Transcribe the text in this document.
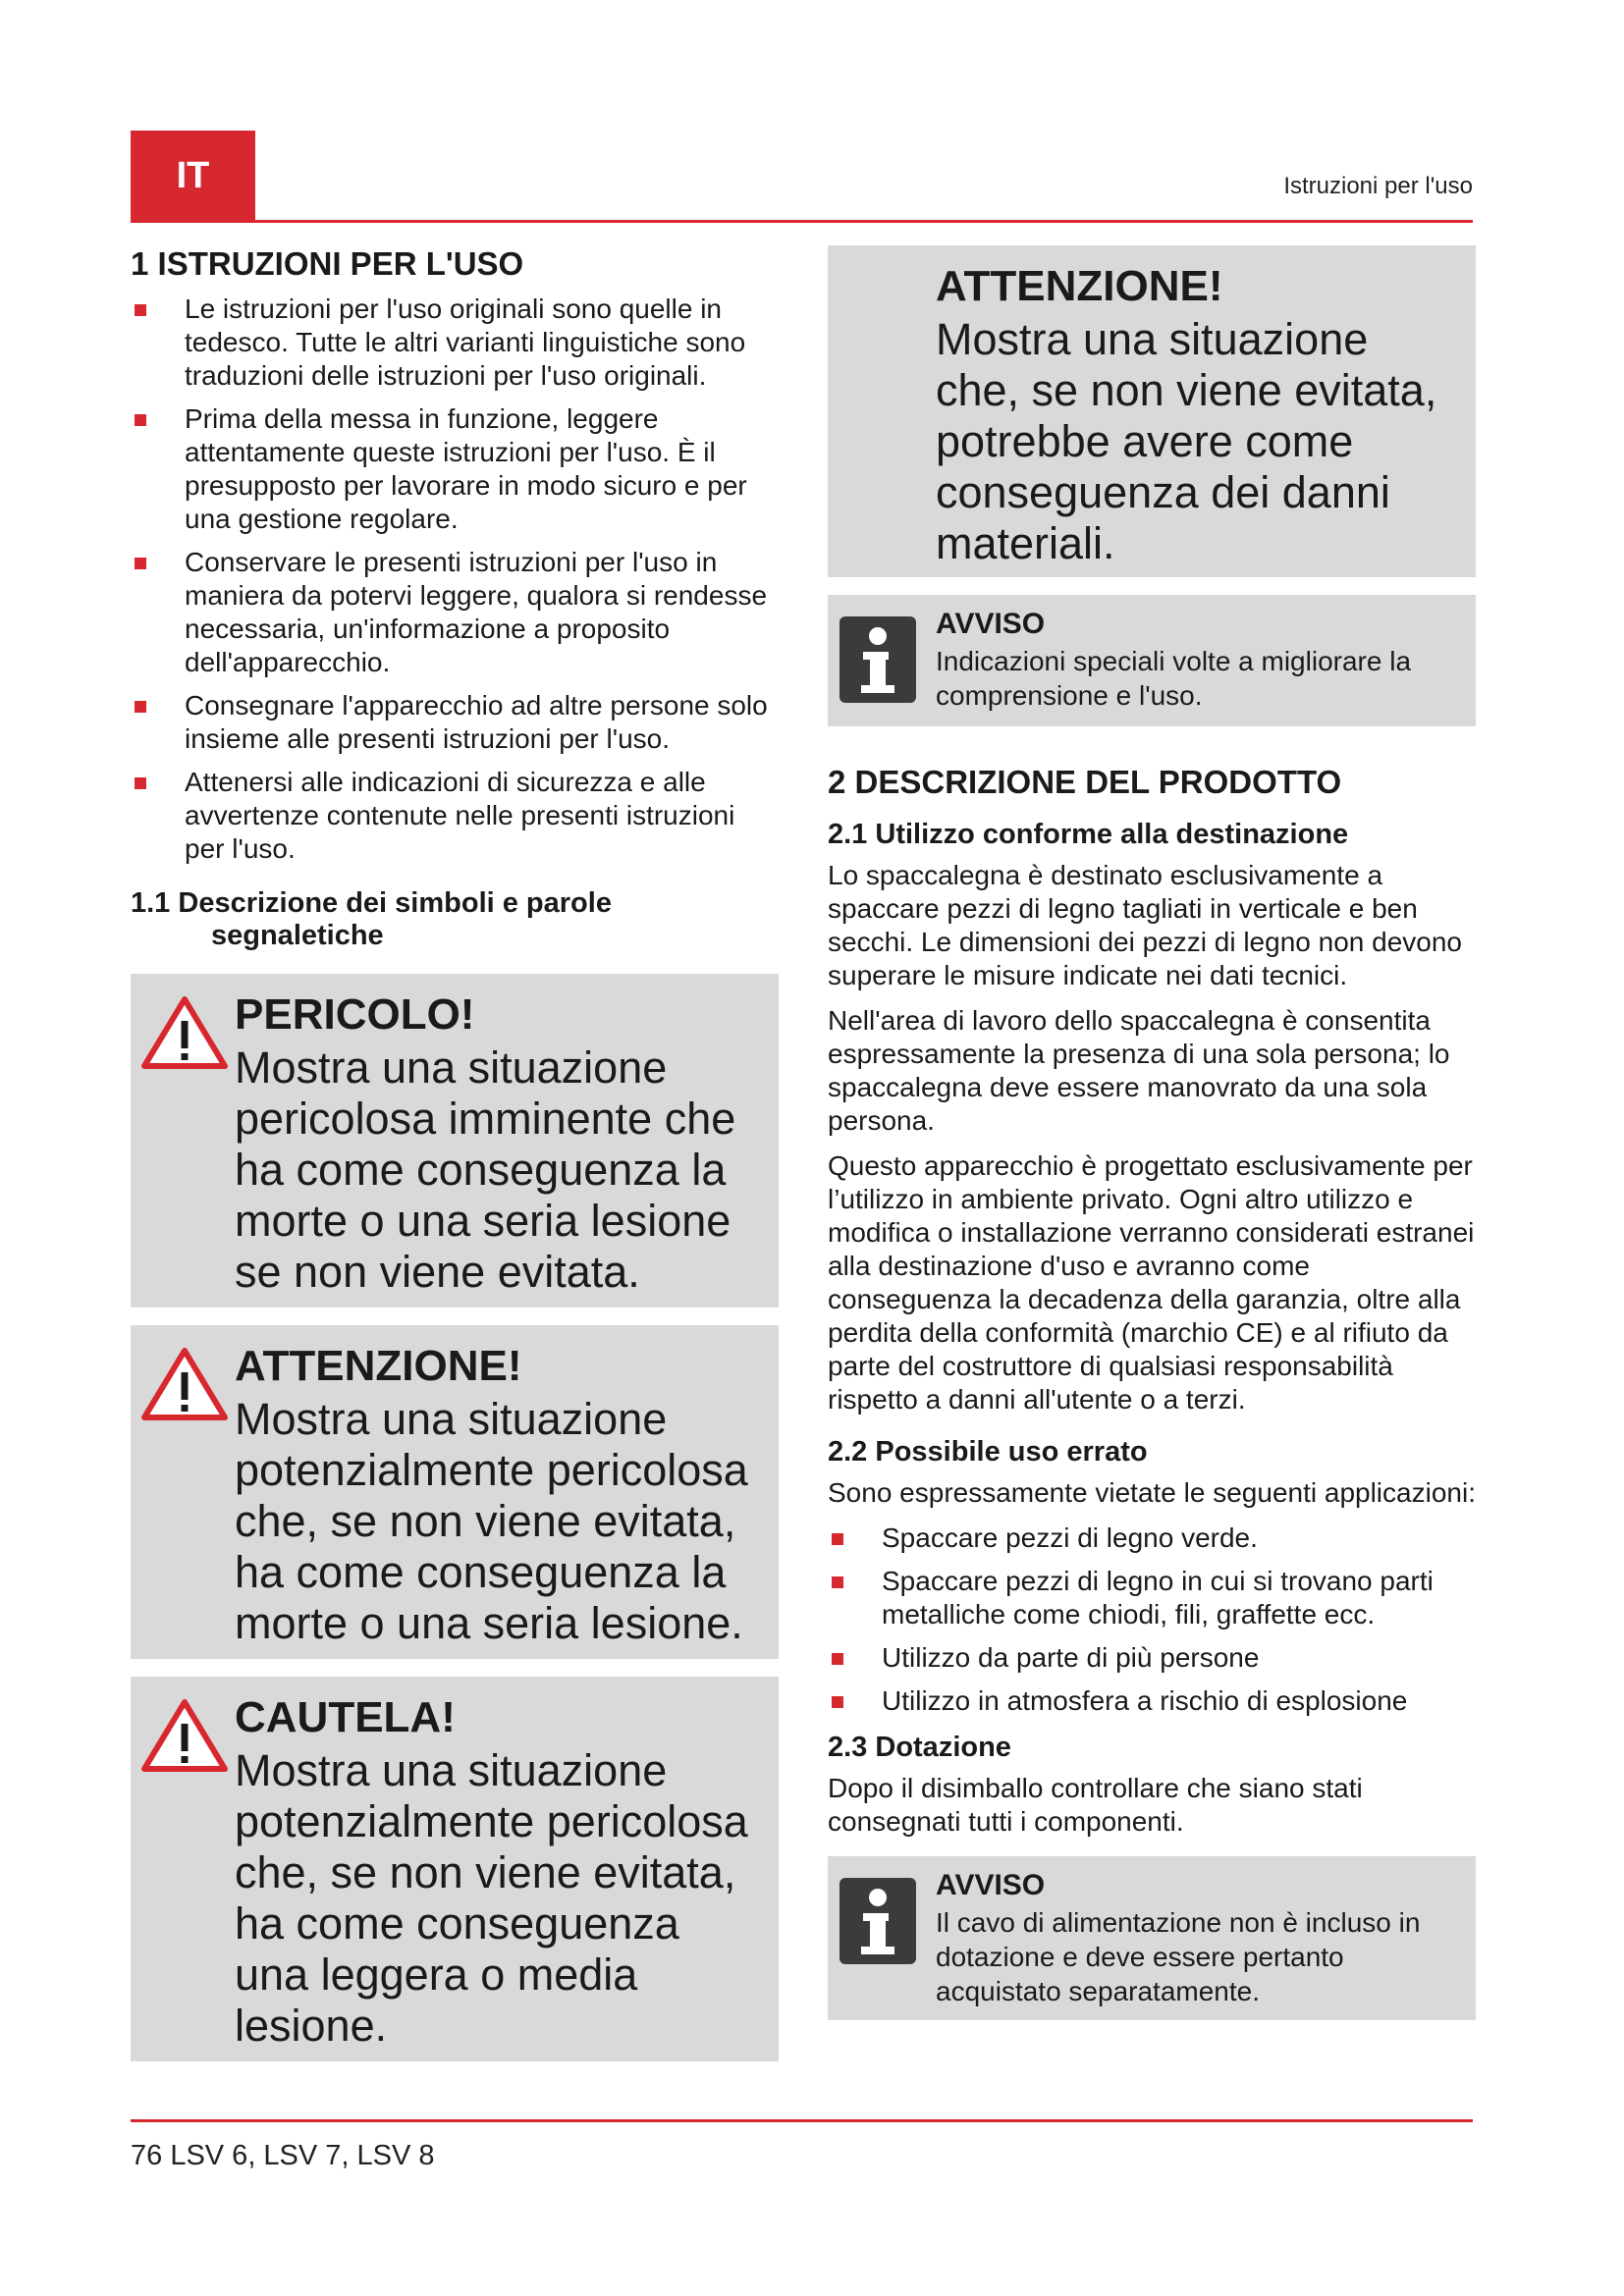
IT	Istruzioni per l'uso
1 ISTRUZIONI PER L'USO
Le istruzioni per l'uso originali sono quelle in tedesco. Tutte le altri varianti linguistiche sono traduzioni delle istruzioni per l'uso originali.
Prima della messa in funzione, leggere attentamente queste istruzioni per l'uso. È il presupposto per lavorare in modo sicuro e per una gestione regolare.
Conservare le presenti istruzioni per l'uso in maniera da potervi leggere, qualora si rendesse necessaria, un'informazione a proposito dell'apparecchio.
Consegnare l'apparecchio ad altre persone solo insieme alle presenti istruzioni per l'uso.
Attenersi alle indicazioni di sicurezza e alle avvertenze contenute nelle presenti istruzioni per l'uso.
1.1 Descrizione dei simboli e parole segnaletiche
PERICOLO!
Mostra una situazione pericolosa imminente che ha come conseguenza la morte o una seria lesione se non viene evitata.
ATTENZIONE!
Mostra una situazione potenzialmente pericolosa che, se non viene evitata, ha come conseguenza la morte o una seria lesione.
CAUTELA!
Mostra una situazione potenzialmente pericolosa che, se non viene evitata, ha come conseguenza una leggera o media lesione.
ATTENZIONE!
Mostra una situazione che, se non viene evitata, potrebbe avere come conseguenza dei danni materiali.
AVVISO
Indicazioni speciali volte a migliorare la comprensione e l'uso.
2 DESCRIZIONE DEL PRODOTTO
2.1 Utilizzo conforme alla destinazione

Lo spaccalegna è destinato esclusivamente a spaccare pezzi di legno tagliati in verticale e ben secchi. Le dimensioni dei pezzi di legno non devono superare le misure indicate nei dati tecnici.

Nell'area di lavoro dello spaccalegna è consentita espressamente la presenza di una sola persona; lo spaccalegna deve essere manovrato da una sola persona.

Questo apparecchio è progettato esclusivamente per l’utilizzo in ambiente privato. Ogni altro utilizzo e modifica o installazione verranno considerati estranei alla destinazione d'uso e avranno come conseguenza la decadenza della garanzia, oltre alla perdita della conformità (marchio CE) e al rifiuto da parte del costruttore di qualsiasi responsabilità rispetto a danni all'utente o a terzi.

2.2 Possibile uso errato

Sono espressamente vietate le seguenti applicazioni:

Spaccare pezzi di legno verde.
Spaccare pezzi di legno in cui si trovano parti metalliche come chiodi, fili, graffette ecc.
Utilizzo da parte di più persone
Utilizzo in atmosfera a rischio di esplosione
2.3 Dotazione

Dopo il disimballo controllare che siano stati consegnati tutti i componenti.

AVVISO
Il cavo di alimentazione non è incluso in dotazione e deve essere pertanto acquistato separatamente.
76 LSV 6, LSV 7, LSV 8
